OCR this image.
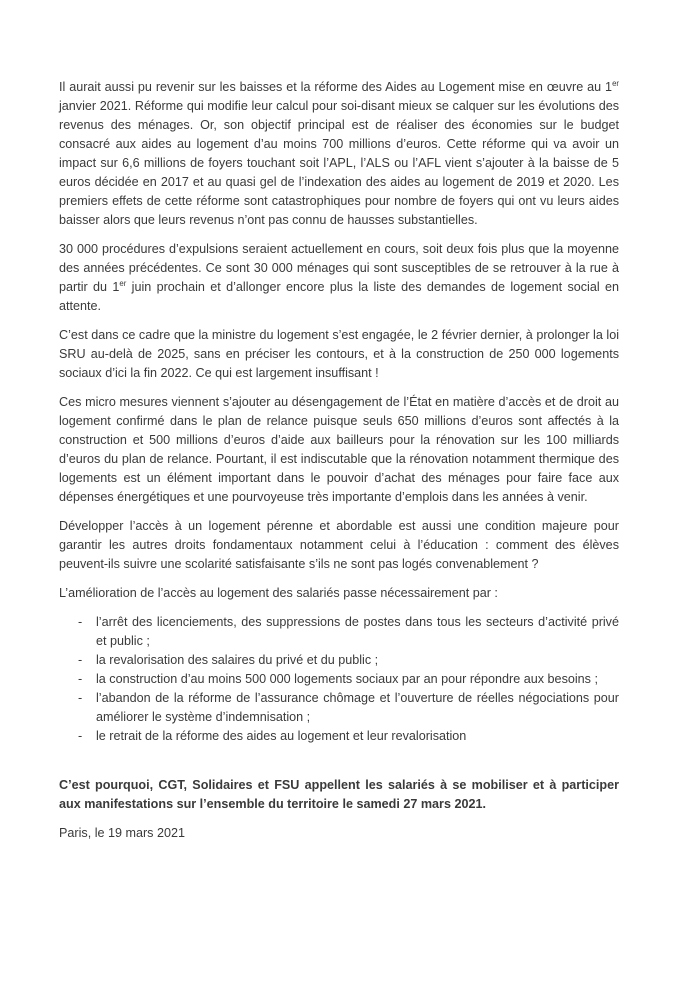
Il aurait aussi pu revenir sur les baisses et la réforme des Aides au Logement mise en œuvre au 1er janvier 2021. Réforme qui modifie leur calcul pour soi-disant mieux se calquer sur les évolutions des revenus des ménages. Or, son objectif principal est de réaliser des économies sur le budget consacré aux aides au logement d’au moins 700 millions d’euros. Cette réforme qui va avoir un impact sur 6,6 millions de foyers touchant soit l’APL, l’ALS ou l’AFL vient s’ajouter à la baisse de 5 euros décidée en 2017 et au quasi gel de l’indexation des aides au logement de 2019 et 2020. Les premiers effets de cette réforme sont catastrophiques pour nombre de foyers qui ont vu leurs aides baisser alors que leurs revenus n’ont pas connu de hausses substantielles.

30 000 procédures d’expulsions seraient actuellement en cours, soit deux fois plus que la moyenne des années précédentes. Ce sont 30 000 ménages qui sont susceptibles de se retrouver à la rue à partir du 1er juin prochain et d’allonger encore plus la liste des demandes de logement social en attente.

C’est dans ce cadre que la ministre du logement s’est engagée, le 2 février dernier, à prolonger la loi SRU au-delà de 2025, sans en préciser les contours, et à la construction de 250 000 logements sociaux d’ici la fin 2022. Ce qui est largement insuffisant !

Ces micro mesures viennent s’ajouter au désengagement de l’État en matière d’accès et de droit au logement confirmé dans le plan de relance puisque seuls 650 millions d’euros sont affectés à la construction et 500 millions d’euros d’aide aux bailleurs pour la rénovation sur les 100 milliards d’euros du plan de relance. Pourtant, il est indiscutable que la rénovation notamment thermique des logements est un élément important dans le pouvoir d’achat des ménages pour faire face aux dépenses énergétiques et une pourvoyeuse très importante d’emplois dans les années à venir.

Développer l’accès à un logement pérenne et abordable est aussi une condition majeure pour garantir les autres droits fondamentaux notamment celui à l’éducation : comment des élèves peuvent-ils suivre une scolarité satisfaisante s’ils ne sont pas logés convenablement ?

L’amélioration de l’accès au logement des salariés passe nécessairement par :

-	l’arrêt des licenciements, des suppressions de postes dans tous les secteurs d’activité privé et public ;
-	la revalorisation des salaires du privé et du public ;
-	la construction d’au moins 500 000 logements sociaux par an pour répondre aux besoins ;
-	l’abandon de la réforme de l’assurance chômage et l’ouverture de réelles négociations pour améliorer le système d’indemnisation ;
-	le retrait de la réforme des aides au logement et leur revalorisation

C’est pourquoi, CGT, Solidaires et FSU appellent les salariés à se mobiliser et à participer aux manifestations sur l’ensemble du territoire le samedi 27 mars 2021.

Paris, le 19 mars 2021
